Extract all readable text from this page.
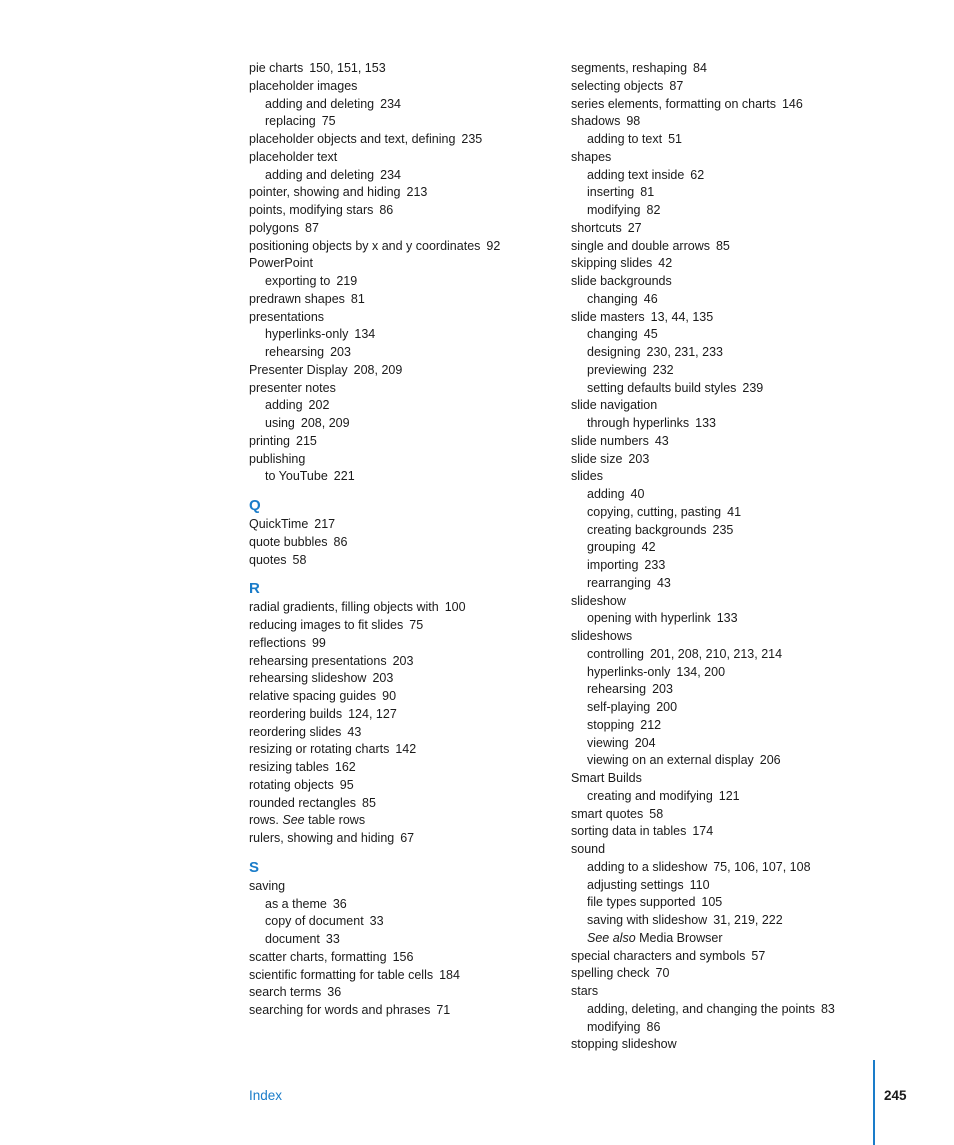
pie charts 150, 151, 153
placeholder images
adding and deleting 234
replacing 75
placeholder objects and text, defining 235
placeholder text
adding and deleting 234
pointer, showing and hiding 213
points, modifying stars 86
polygons 87
positioning objects by x and y coordinates 92
PowerPoint
exporting to 219
predrawn shapes 81
presentations
hyperlinks-only 134
rehearsing 203
Presenter Display 208, 209
presenter notes
adding 202
using 208, 209
printing 215
publishing
to YouTube 221
Q
QuickTime 217
quote bubbles 86
quotes 58
R
radial gradients, filling objects with 100
reducing images to fit slides 75
reflections 99
rehearsing presentations 203
rehearsing slideshow 203
relative spacing guides 90
reordering builds 124, 127
reordering slides 43
resizing or rotating charts 142
resizing tables 162
rotating objects 95
rounded rectangles 85
rows. See table rows
rulers, showing and hiding 67
S
saving
as a theme 36
copy of document 33
document 33
scatter charts, formatting 156
scientific formatting for table cells 184
search terms 36
searching for words and phrases 71
segments, reshaping 84
selecting objects 87
series elements, formatting on charts 146
shadows 98
adding to text 51
shapes
adding text inside 62
inserting 81
modifying 82
shortcuts 27
single and double arrows 85
skipping slides 42
slide backgrounds
changing 46
slide masters 13, 44, 135
changing 45
designing 230, 231, 233
previewing 232
setting defaults build styles 239
slide navigation
through hyperlinks 133
slide numbers 43
slide size 203
slides
adding 40
copying, cutting, pasting 41
creating backgrounds 235
grouping 42
importing 233
rearranging 43
slideshow
opening with hyperlink 133
slideshows
controlling 201, 208, 210, 213, 214
hyperlinks-only 134, 200
rehearsing 203
self-playing 200
stopping 212
viewing 204
viewing on an external display 206
Smart Builds
creating and modifying 121
smart quotes 58
sorting data in tables 174
sound
adding to a slideshow 75, 106, 107, 108
adjusting settings 110
file types supported 105
saving with slideshow 31, 219, 222
See also Media Browser
special characters and symbols 57
spelling check 70
stars
adding, deleting, and changing the points 83
modifying 86
stopping slideshow
Index	245
